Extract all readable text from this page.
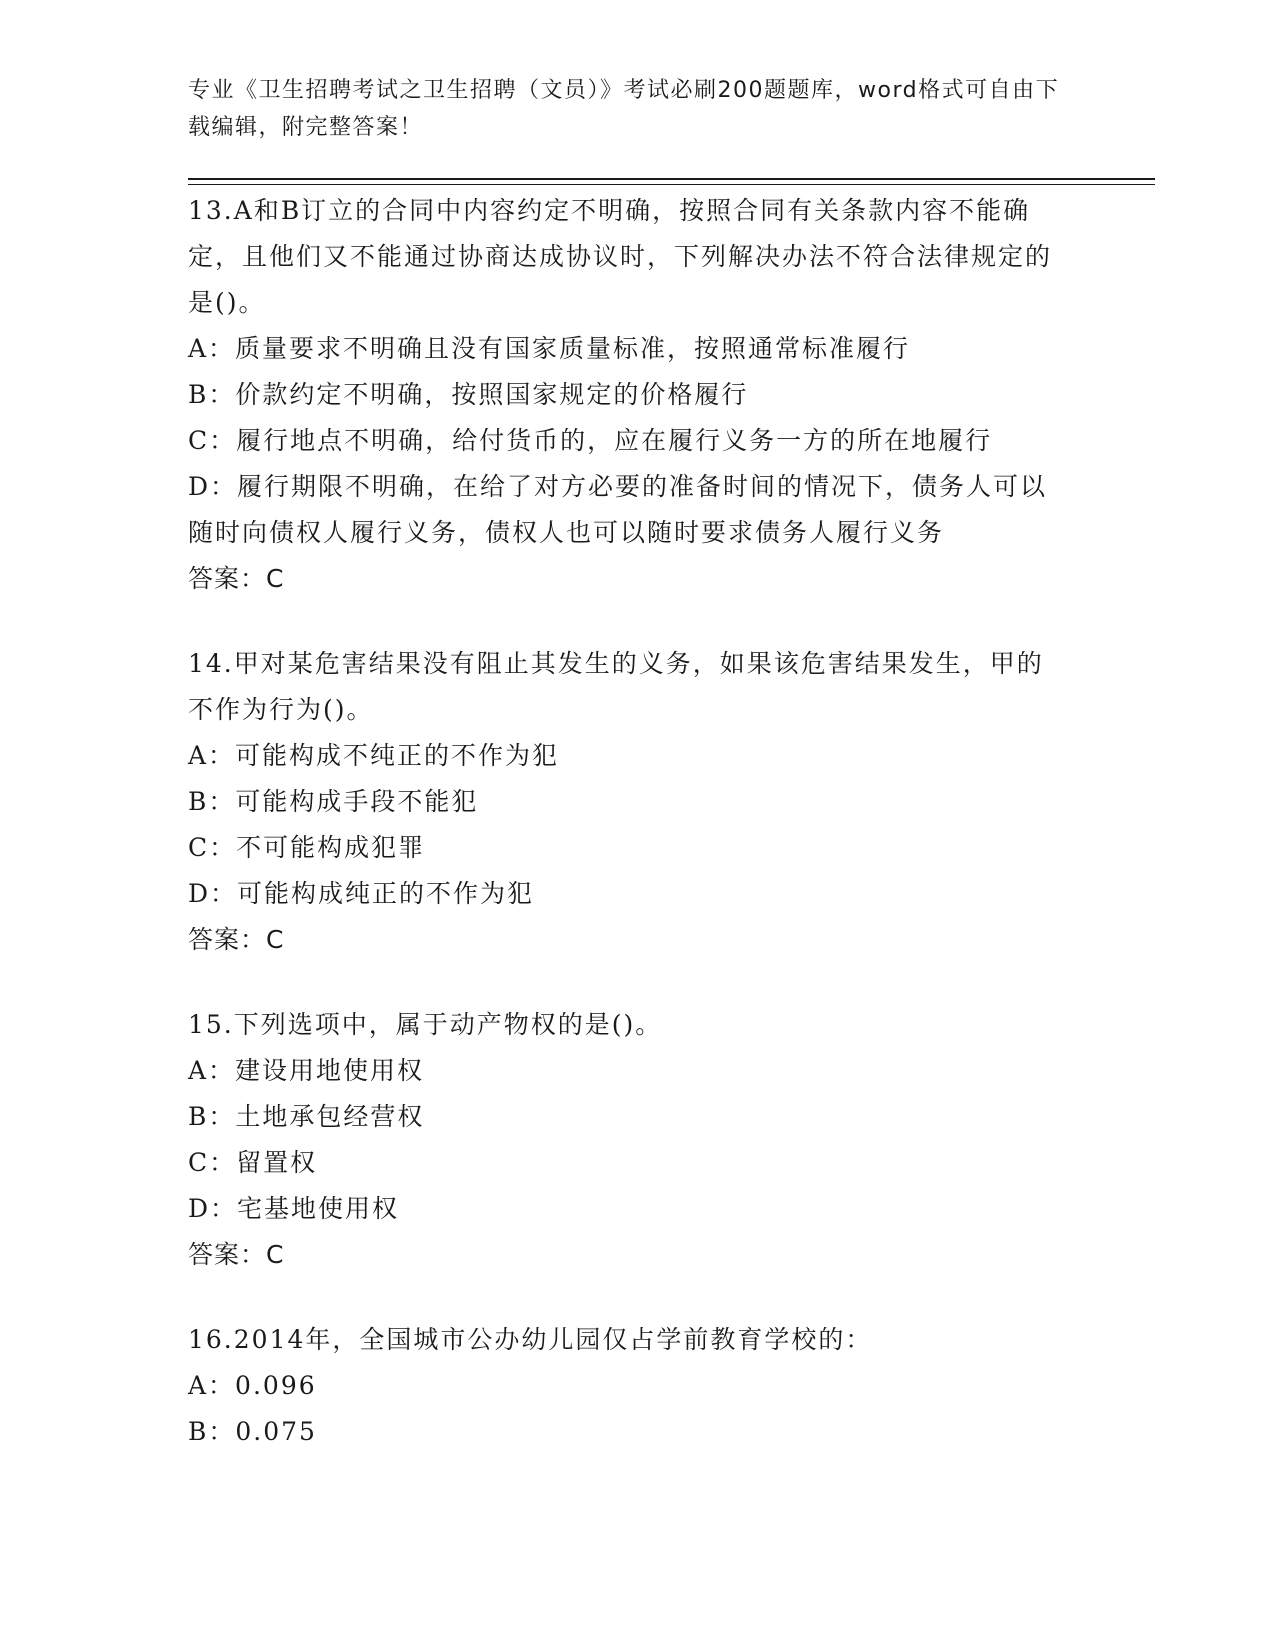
专业《卫生招聘考试之卫生招聘（文员）》考试必刷200题题库，word格式可自由下载编辑，附完整答案！
13.A和B订立的合同中内容约定不明确，按照合同有关条款内容不能确定，且他们又不能通过协商达成协议时，下列解决办法不符合法律规定的是()。
A：质量要求不明确且没有国家质量标准，按照通常标准履行
B：价款约定不明确，按照国家规定的价格履行
C：履行地点不明确，给付货币的，应在履行义务一方的所在地履行
D：履行期限不明确，在给了对方必要的准备时间的情况下，债务人可以随时向债权人履行义务，债权人也可以随时要求债务人履行义务
答案：C
14.甲对某危害结果没有阻止其发生的义务，如果该危害结果发生，甲的不作为行为()。
A：可能构成不纯正的不作为犯
B：可能构成手段不能犯
C：不可能构成犯罪
D：可能构成纯正的不作为犯
答案：C
15.下列选项中，属于动产物权的是()。
A：建设用地使用权
B：土地承包经营权
C：留置权
D：宅基地使用权
答案：C
16.2014年，全国城市公办幼儿园仅占学前教育学校的：
A：0.096
B：0.075
